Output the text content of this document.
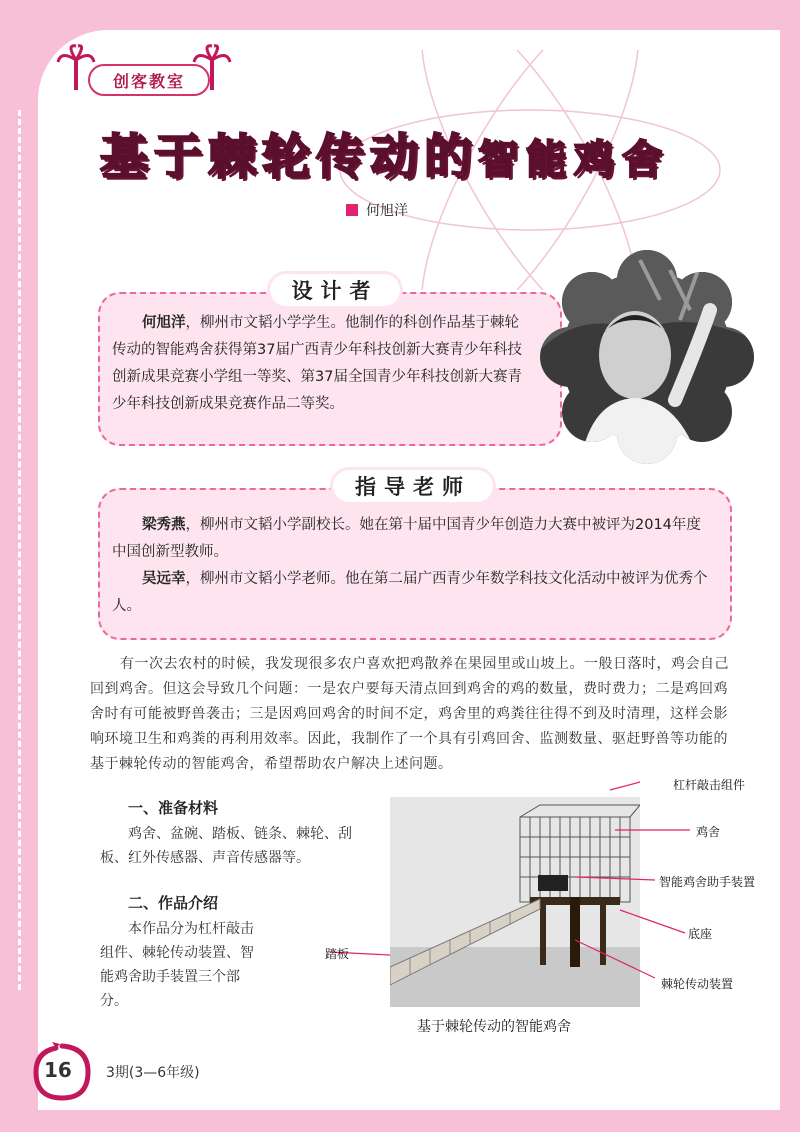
创客教室
基于棘轮传动的智能鸡舍
何旭洋
设计者
何旭洋，柳州市文韬小学学生。他制作的科创作品基于棘轮传动的智能鸡舍获得第37届广西青少年科技创新大赛青少年科技创新成果竞赛小学组一等奖、第37届全国青少年科技创新大赛青少年科技创新成果竞赛作品二等奖。
指导老师
梁秀燕，柳州市文韬小学副校长。她在第十届中国青少年创造力大赛中被评为2014年度中国创新型教师。
吴远幸，柳州市文韬小学老师。他在第二届广西青少年数学科技文化活动中被评为优秀个人。
有一次去农村的时候，我发现很多农户喜欢把鸡散养在果园里或山坡上。一般日落时，鸡会自己回到鸡舍。但这会导致几个问题：一是农户要每天清点回到鸡舍的鸡的数量，费时费力；二是鸡回鸡舍时有可能被野兽袭击；三是因鸡回鸡舍的时间不定，鸡舍里的鸡粪往往得不到及时清理，这样会影响环境卫生和鸡粪的再利用效率。因此，我制作了一个具有引鸡回舍、监测数量、驱赶野兽等功能的基于棘轮传动的智能鸡舍，希望帮助农户解决上述问题。
一、准备材料
鸡舍、盆碗、踏板、链条、棘轮、刮板、红外传感器、声音传感器等。
二、作品介绍
本作品分为杠杆敲击组件、棘轮传动装置、智能鸡舍助手装置三个部分。
杠杆敲击组件
鸡舍
智能鸡舍助手装置
底座
踏板
棘轮传动装置
基于棘轮传动的智能鸡舍
16 3期(3—6年级)
